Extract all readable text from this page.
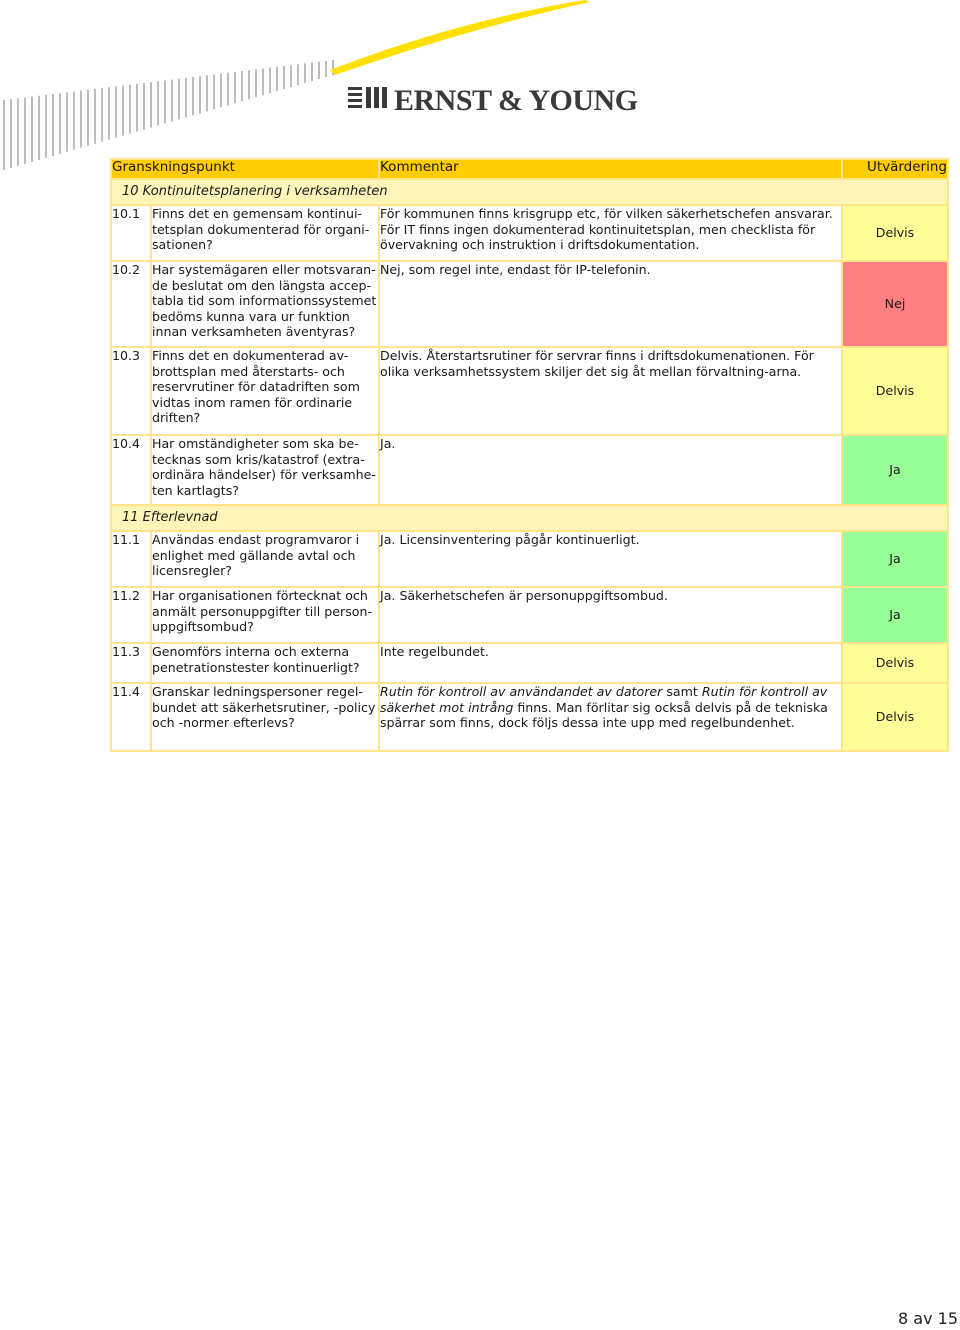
ERNST & YOUNG
Granskningspunkt		Kommentar	Utvärdering
10 Kontinuitetsplanering i verksamheten			
10.1	Finns det en gemensam kontinui-tetsplan dokumenterad för organi-sationen?	För kommunen finns krisgrupp etc, för vilken säkerhetschefen ansvarar. För IT finns ingen dokumenterad kontinuitetsplan, men checklista för övervakning och instruktion i driftsdokumentation.	Delvis
10.2	Har systemägaren eller motsvaran-de beslutat om den längsta accep-tabla tid som informationssystemet bedöms kunna vara ur funktion innan verksamheten äventyras?	Nej, som regel inte, endast för IP-telefonin.	Nej
10.3	Finns det en dokumenterad av-brottsplan med återstarts- och reservrutiner för datadriften som vidtas inom ramen för ordinarie driften?	Delvis. Återstartsrutiner för servrar finns i driftsdokumenationen. För olika verksamhetssystem skiljer det sig åt mellan förvaltning-arna.	Delvis
10.4	Har omständigheter som ska be-tecknas som kris/katastrof (extra-ordinära händelser) för verksamhe-ten kartlagts?	Ja.	Ja
11 Efterlevnad			
11.1	Användas endast programvaror i enlighet med gällande avtal och licensregler?	Ja. Licensinventering pågår kontinuerligt.	Ja
11.2	Har organisationen förtecknat och anmält personuppgifter till person-uppgiftsombud?	Ja. Säkerhetschefen är personuppgiftsombud.	Ja
11.3	Genomförs interna och externa penetrationstester kontinuerligt?	Inte regelbundet.	Delvis
11.4	Granskar ledningspersoner regel-bundet att säkerhetsrutiner, -policy och -normer efterlevs?	Rutin för kontroll av användandet av datorer samt Rutin för kontroll av säkerhet mot intrång finns. Man förlitar sig också delvis på de tekniska spärrar som finns, dock följs dessa inte upp med regelbundenhet.	Delvis
8 av 15
